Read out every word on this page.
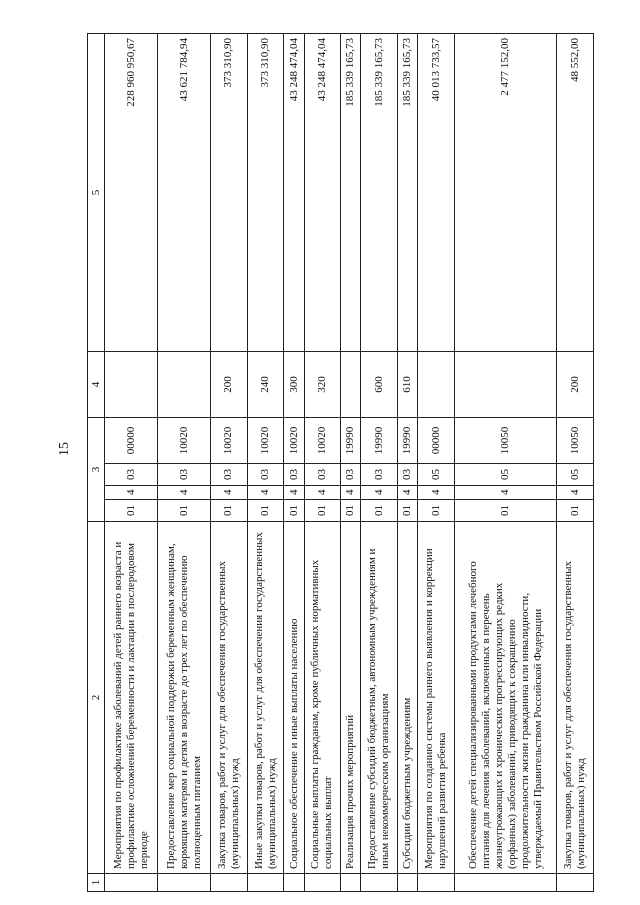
15
1	2	3				4	5
	Мероприятия по профилактике заболеваний детей раннего возраста и профилактике осложнений беременности и лактации в послеродовом периоде	01	4	03	00000		228 960 950,67
	Предоставление мер социальной поддержки беременным женщинам, кормящим матерям и детям в возрасте до трех лет по обеспечению полноценным питанием	01	4	03	10020		43 621 784,94
	Закупка товаров, работ и услуг для обеспечения государственных (муниципальных) нужд	01	4	03	10020	200	373 310,90
	Иные закупки товаров, работ и услуг для обеспечения государственных (муниципальных) нужд	01	4	03	10020	240	373 310,90
	Социальное обеспечение и иные выплаты населению	01	4	03	10020	300	43 248 474,04
	Социальные выплаты гражданам, кроме публичных нормативных социальных выплат	01	4	03	10020	320	43 248 474,04
	Реализация прочих мероприятий	01	4	03	19990		185 339 165,73
	Предоставление субсидий бюджетным, автономным учреждениям и иным некоммерческим организациям	01	4	03	19990	600	185 339 165,73
	Субсидии бюджетным учреждениям	01	4	03	19990	610	185 339 165,73
	Мероприятия по созданию системы раннего выявления и коррекции нарушений развития ребенка	01	4	05	00000		40 013 733,57
	Обеспечение детей специализированными продуктами лечебного питания для лечения заболеваний, включенных в перечень жизнеугрожающих и хронических прогрессирующих редких (орфанных) заболеваний, приводящих к сокращению продолжительности жизни гражданина или инвалидности, утверждаемый Правительством Российской Федерации	01	4	05	10050		2 477 152,00
	Закупка товаров, работ и услуг для обеспечения государственных (муниципальных) нужд	01	4	05	10050	200	48 552,00
